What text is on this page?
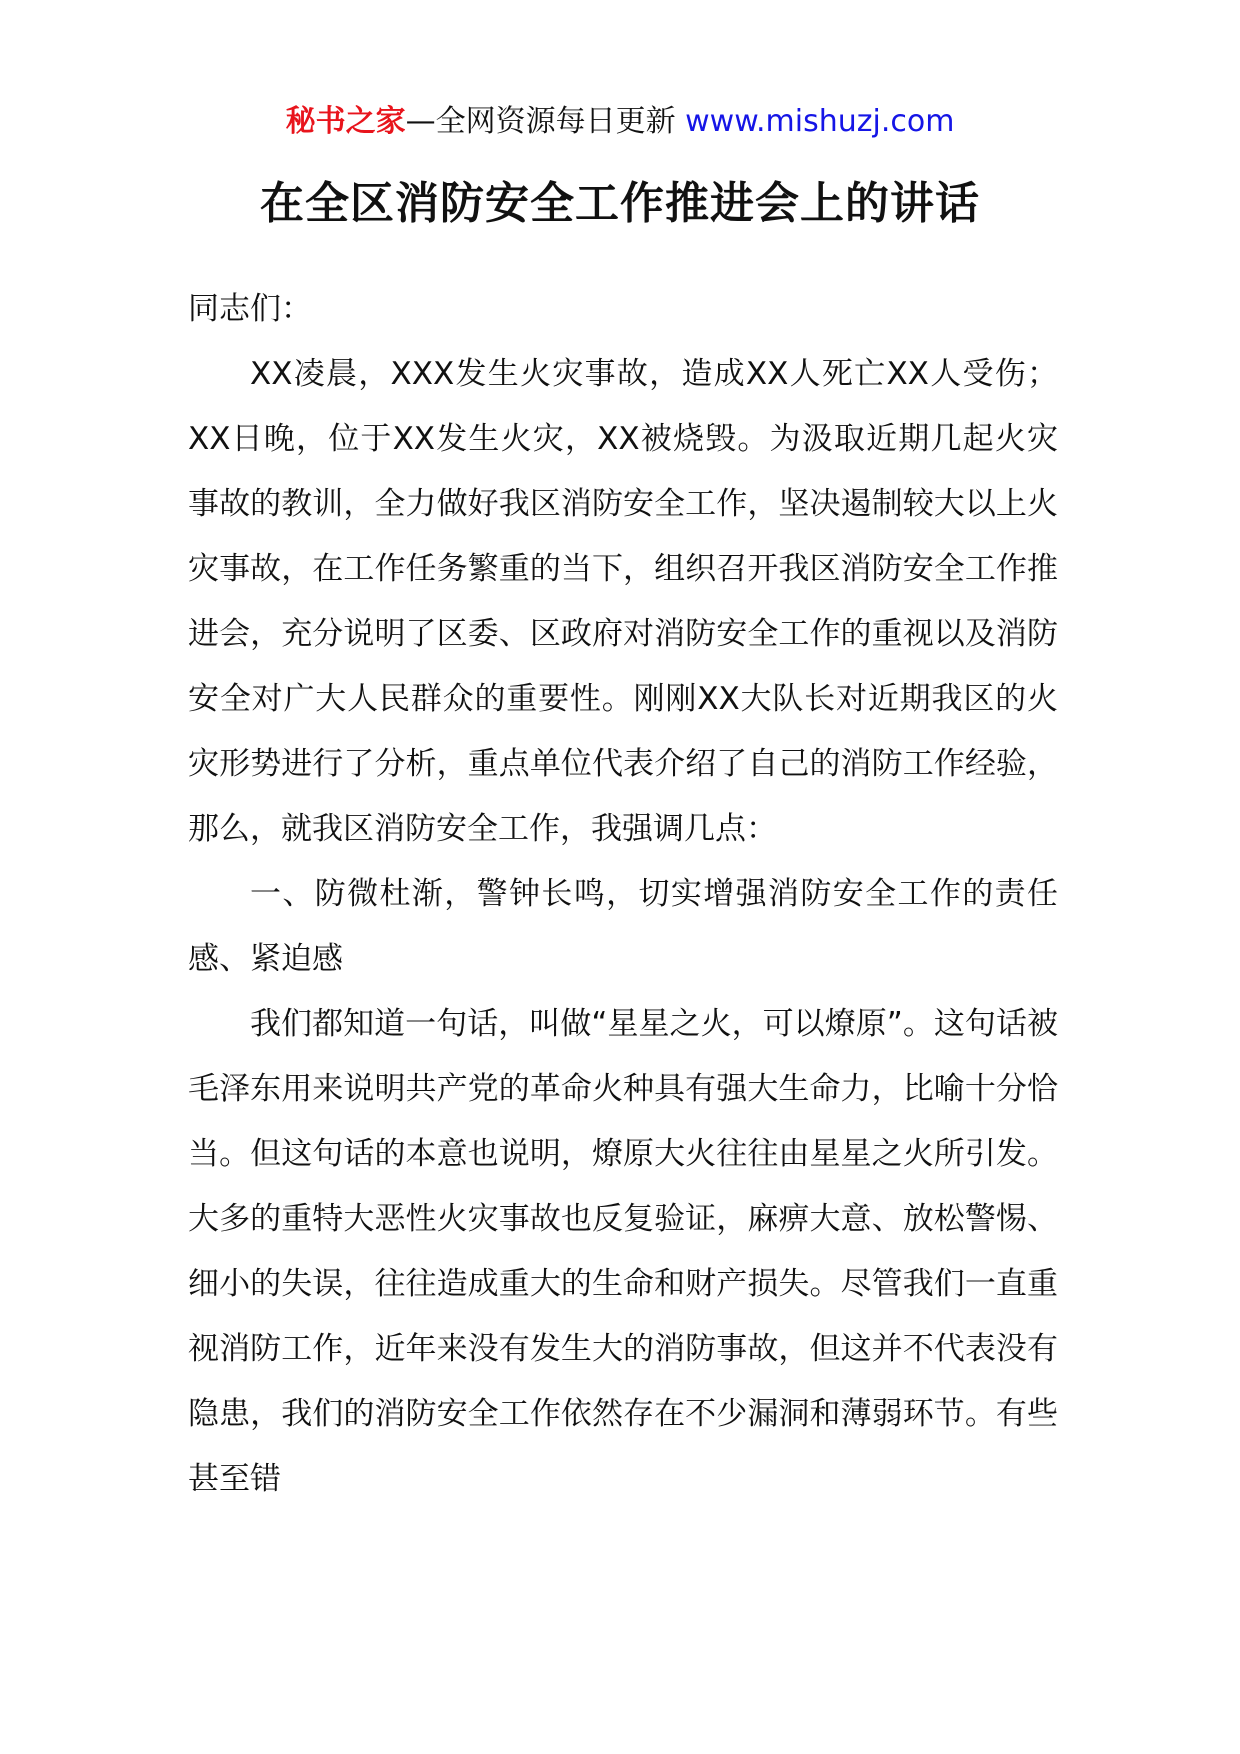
秘书之家—全网资源每日更新 www.mishuzj.com
在全区消防安全工作推进会上的讲话

同志们：

XX凌晨，XXX发生火灾事故，造成XX人死亡XX人受伤；XX日晚，位于XX发生火灾，XX被烧毁。为汲取近期几起火灾事故的教训，全力做好我区消防安全工作，坚决遏制较大以上火灾事故，在工作任务繁重的当下，组织召开我区消防安全工作推进会，充分说明了区委、区政府对消防安全工作的重视以及消防安全对广大人民群众的重要性。刚刚XX大队长对近期我区的火灾形势进行了分析，重点单位代表介绍了自己的消防工作经验，那么，就我区消防安全工作，我强调几点：

一、防微杜渐，警钟长鸣，切实增强消防安全工作的责任感、紧迫感

我们都知道一句话，叫做“星星之火，可以燎原”。这句话被毛泽东用来说明共产党的革命火种具有强大生命力，比喻十分恰当。但这句话的本意也说明，燎原大火往往由星星之火所引发。大多的重特大恶性火灾事故也反复验证，麻痹大意、放松警惕、细小的失误，往往造成重大的生命和财产损失。尽管我们一直重视消防工作，近年来没有发生大的消防事故，但这并不代表没有隐患，我们的消防安全工作依然存在不少漏洞和薄弱环节。有些甚至错
